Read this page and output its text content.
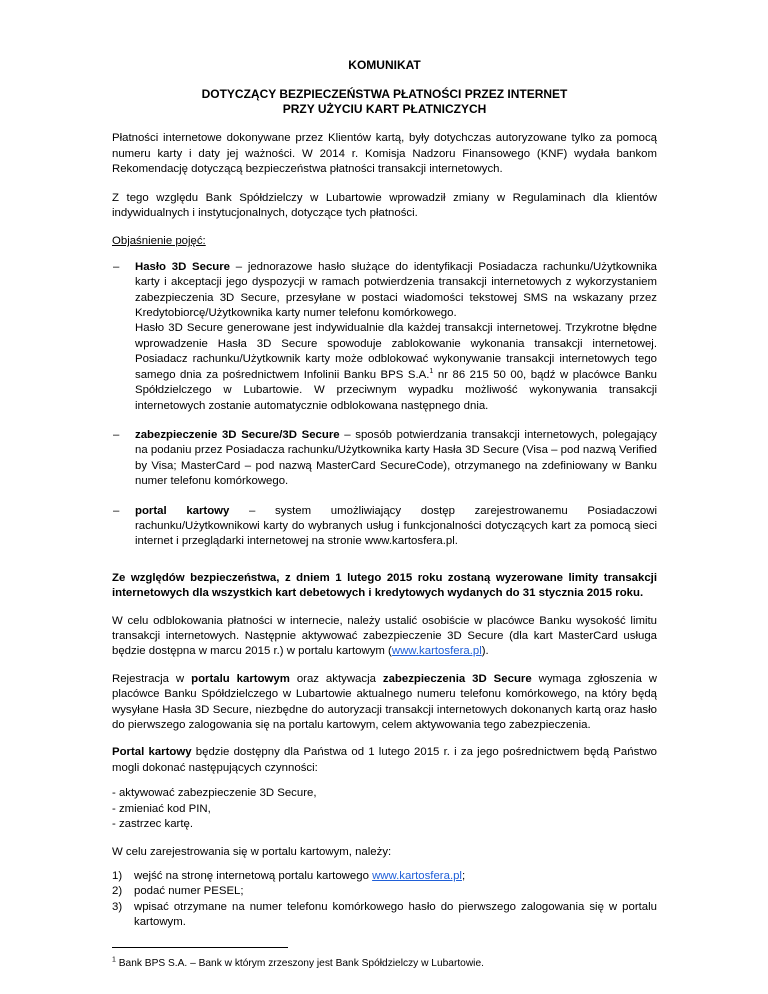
KOMUNIKAT

DOTYCZĄCY BEZPIECZEŃSTWA PŁATNOŚCI PRZEZ INTERNET
PRZY UŻYCIU KART PŁATNICZYCH

Płatności internetowe dokonywane przez Klientów kartą, były dotychczas autoryzowane tylko za pomocą numeru karty i daty jej ważności. W 2014 r. Komisja Nadzoru Finansowego (KNF) wydała bankom Rekomendację dotyczącą bezpieczeństwa płatności transakcji internetowych.

Z tego względu Bank Spółdzielczy w Lubartowie wprowadził zmiany w Regulaminach dla klientów indywidualnych i instytucjonalnych, dotyczące tych płatności.

Objaśnienie pojęć:

– Hasło 3D Secure – jednorazowe hasło służące do identyfikacji Posiadacza rachunku/Użytkownika karty i akceptacji jego dyspozycji w ramach potwierdzenia transakcji internetowych z wykorzystaniem zabezpieczenia 3D Secure, przesyłane w postaci wiadomości tekstowej SMS na wskazany przez Kredytobiorcę/Użytkownika karty numer telefonu komórkowego.
Hasło 3D Secure generowane jest indywidualnie dla każdej transakcji internetowej. Trzykrotne błędne wprowadzenie Hasła 3D Secure spowoduje zablokowanie wykonania transakcji internetowej. Posiadacz rachunku/Użytkownik karty może odblokować wykonywanie transakcji internetowych tego samego dnia za pośrednictwem Infolinii Banku BPS S.A.$^1$ nr 86 215 50 00, bądź w placówce Banku Spółdzielczego w Lubartowie. W przeciwnym wypadku możliwość wykonywania transakcji internetowych zostanie automatycznie odblokowana następnego dnia.
– zabezpieczenie 3D Secure/3D Secure – sposób potwierdzania transakcji internetowych, polegający na podaniu przez Posiadacza rachunku/Użytkownika karty Hasła 3D Secure (Visa – pod nazwą Verified by Visa; MasterCard – pod nazwą MasterCard SecureCode), otrzymanego na zdefiniowany w Banku numer telefonu komórkowego.
– portal kartowy – system umożliwiający dostęp zarejestrowanemu Posiadaczowi rachunku/Użytkownikowi karty do wybranych usług i funkcjonalności dotyczących kart za pomocą sieci internet i przeglądarki internetowej na stronie www.kartosfera.pl.

Ze względów bezpieczeństwa, z dniem 1 lutego 2015 roku zostaną wyzerowane limity transakcji internetowych dla wszystkich kart debetowych i kredytowych wydanych do 31 stycznia 2015 roku.

W celu odblokowania płatności w internecie, należy ustalić osobiście w placówce Banku wysokość limitu transakcji internetowych. Następnie aktywować zabezpieczenie 3D Secure (dla kart MasterCard usługa będzie dostępna w marcu 2015 r.) w portalu kartowym (www.kartosfera.pl).

Rejestracja w portalu kartowym oraz aktywacja zabezpieczenia 3D Secure wymaga zgłoszenia w placówce Banku Spółdzielczego w Lubartowie aktualnego numeru telefonu komórkowego, na który będą wysyłane Hasła 3D Secure, niezbędne do autoryzacji transakcji internetowych dokonanych kartą oraz hasło do pierwszego zalogowania się na portalu kartowym, celem aktywowania tego zabezpieczenia.

Portal kartowy będzie dostępny dla Państwa od 1 lutego 2015 r. i za jego pośrednictwem będą Państwo mogli dokonać następujących czynności:

- aktywować zabezpieczenie 3D Secure,
- zmieniać kod PIN,
- zastrzec kartę.

W celu zarejestrowania się w portalu kartowym, należy:

1) wejść na stronę internetową portalu kartowego www.kartosfera.pl;
2) podać numer PESEL;
3) wpisać otrzymane na numer telefonu komórkowego hasło do pierwszego zalogowania się w portalu kartowym.
$^1$ Bank BPS S.A. – Bank w którym zrzeszony jest Bank Spółdzielczy w Lubartowie.
